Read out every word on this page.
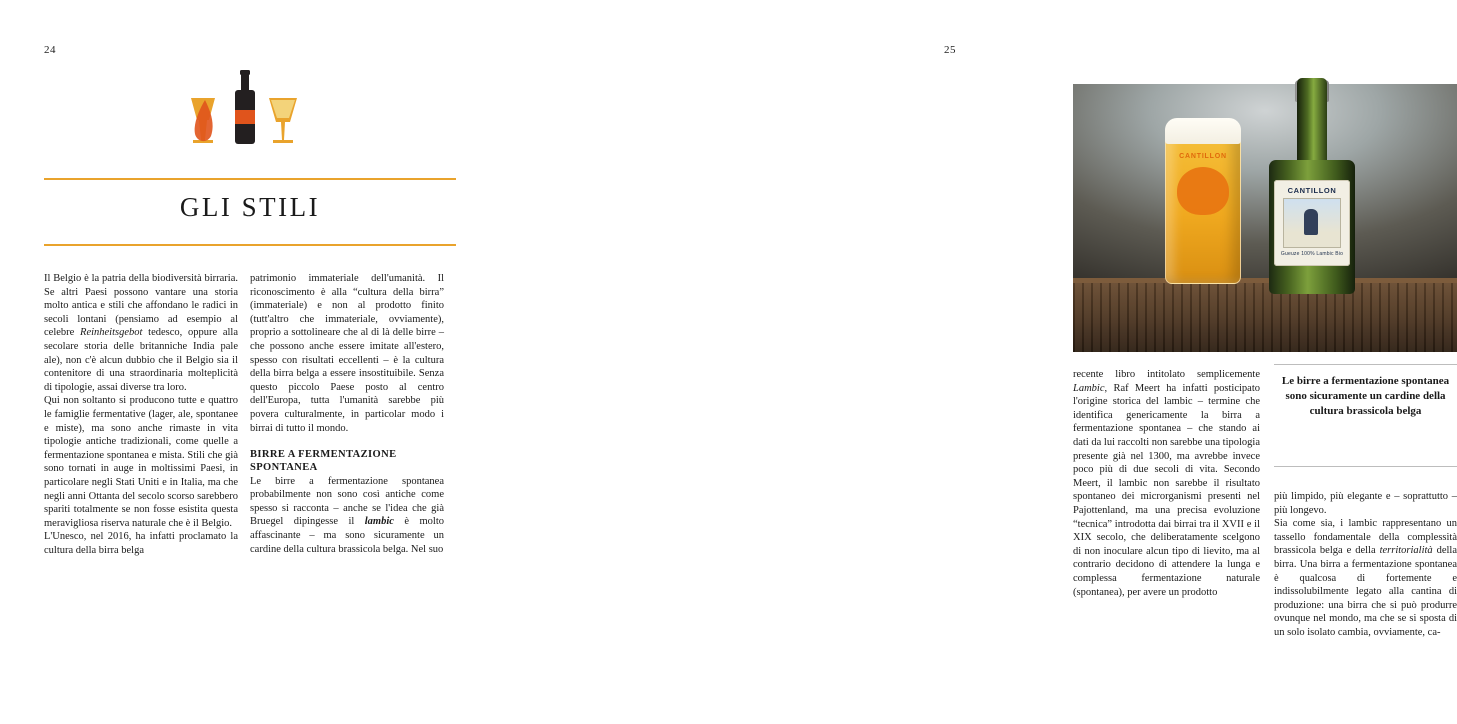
24
GLI STILI

Il Belgio è la patria della biodiversità birraria. Se altri Paesi possono vantare una storia molto antica e stili che affondano le radici in secoli lontani (pensiamo ad esempio al celebre Reinheitsgebot tedesco, oppure alla secolare storia delle britanniche India pale ale), non c'è alcun dubbio che il Belgio sia il contenitore di una straordinaria molteplicità di tipologie, assai diverse tra loro.

Qui non soltanto si producono tutte e quattro le famiglie fermentative (lager, ale, spontanee e miste), ma sono anche rimaste in vita tipologie antiche tradizionali, come quelle a fermentazione spontanea e mista. Stili che già sono tornati in auge in moltissimi Paesi, in particolare negli Stati Uniti e in Italia, ma che negli anni Ottanta del secolo scorso sarebbero spariti totalmente se non fosse esistita questa meravigliosa riserva naturale che è il Belgio.

L'Unesco, nel 2016, ha infatti proclamato la cultura della birra belga

patrimonio immateriale dell'umanità. Il riconoscimento è alla “cultura della birra” (immateriale) e non al prodotto finito (tutt'altro che immateriale, ovviamente), proprio a sottolineare che al di là delle birre – che possono anche essere imitate all'estero, spesso con risultati eccellenti – è la cultura della birra belga a essere insostituibile. Senza questo piccolo Paese posto al centro dell'Europa, tutta l'umanità sarebbe più povera culturalmente, in particolar modo i birrai di tutto il mondo.

BIRRE A FERMENTAZIONE SPONTANEA

Le birre a fermentazione spontanea probabilmente non sono così antiche come spesso si racconta – anche se l'idea che già Bruegel dipingesse il lambic è molto affascinante – ma sono sicuramente un cardine della cultura brassicola belga. Nel suo

25
CANTILLON
CANTILLON
Gueuze 100% Lambic Bio

recente libro intitolato semplicemente Lambic, Raf Meert ha infatti posticipato l'origine storica del lambic – termine che identifica genericamente la birra a fermentazione spontanea – che stando ai dati da lui raccolti non sarebbe una tipologia presente già nel 1300, ma avrebbe invece poco più di due secoli di vita. Secondo Meert, il lambic non sarebbe il risultato spontaneo dei microrganismi presenti nel Pajottenland, ma una precisa evoluzione “tecnica” introdotta dai birrai tra il XVII e il XIX secolo, che deliberatamente scelgono di non inoculare alcun tipo di lievito, ma al contrario decidono di attendere la lunga e complessa fermentazione naturale (spontanea), per avere un prodotto

Le birre a fermentazione spontanea sono sicuramente un cardine della cultura brassicola belga

più limpido, più elegante e – soprattutto – più longevo.

Sia come sia, i lambic rappresentano un tassello fondamentale della complessità brassicola belga e della territorialità della birra. Una birra a fermentazione spontanea è qualcosa di fortemente e indissolubilmente legato alla cantina di produzione: una birra che si può produrre ovunque nel mondo, ma che se si sposta di un solo isolato cambia, ovviamente, ca-
